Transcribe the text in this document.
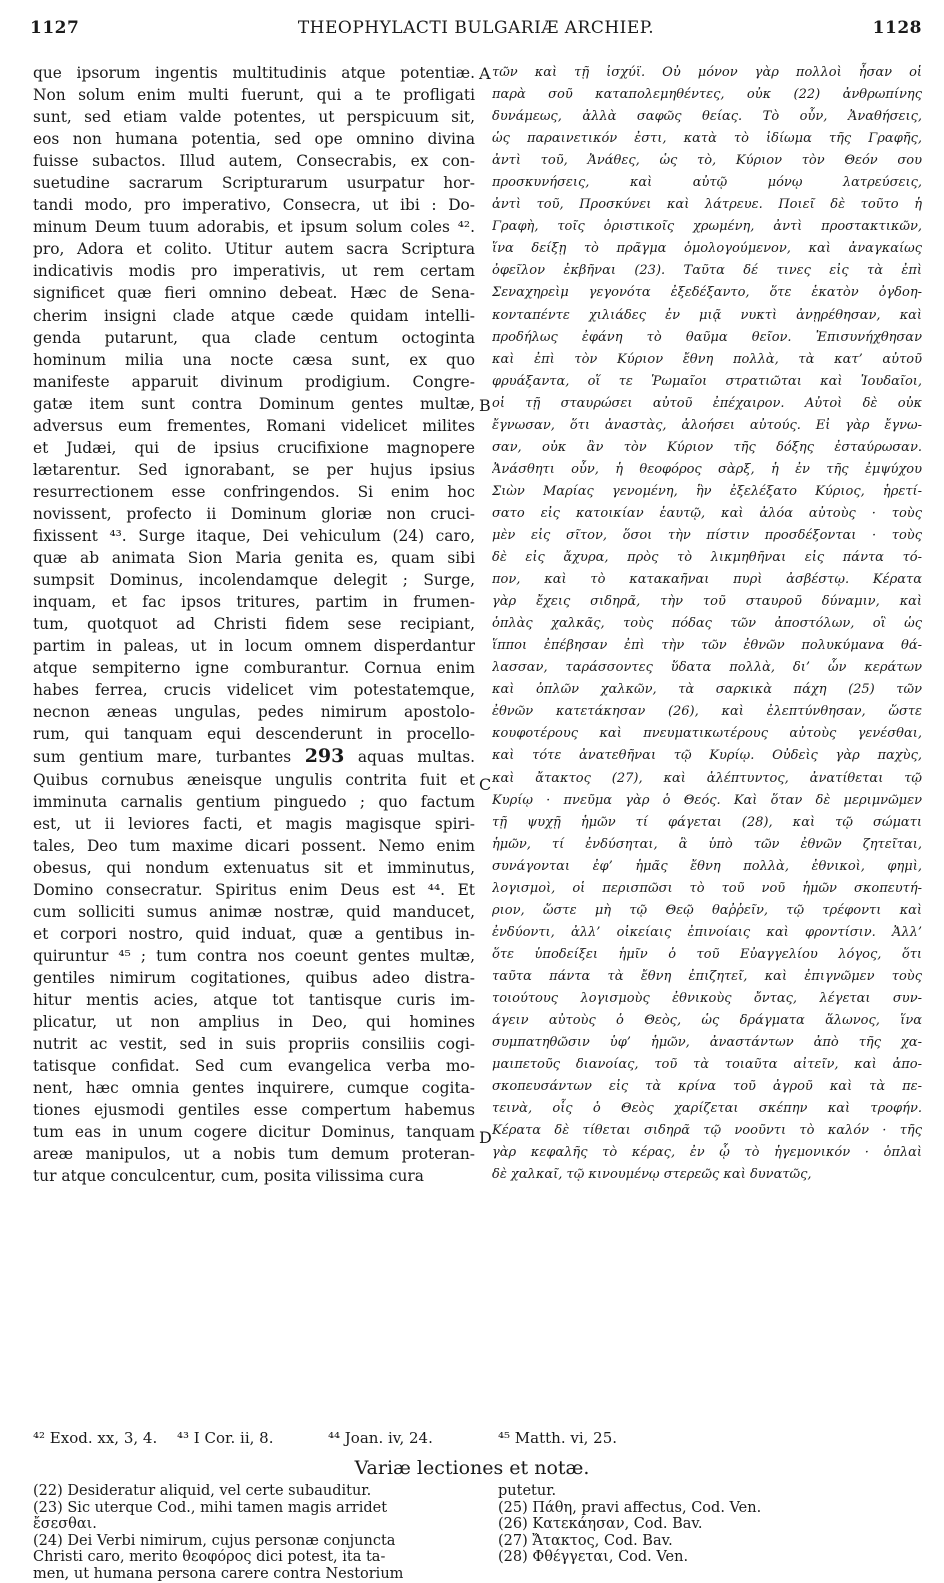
1127	THEOPHYLACTI BULGARIÆ ARCHIEP.	1128
que ipsorum ingentis multitudinis atque potentiæ.
Non solum enim multi fuerunt, qui a te profligati
sunt, sed etiam valde potentes, ut perspicuum sit,
eos non humana potentia, sed ope omnino divina
fuisse subactos. Illud autem, Consecrabis, ex con-
suetudine sacrarum Scripturarum usurpatur hor-
tandi modo, pro imperativo, Consecra, ut ibi : Do-
minum Deum tuum adorabis, et ipsum solum coles ⁴².
pro, Adora et colito. Utitur autem sacra Scriptura
indicativis modis pro imperativis, ut rem certam
significet quæ fieri omnino debeat. Hæc de Sena-
cherim insigni clade atque cæde quidam intelli-
genda putarunt, qua clade centum octoginta
hominum milia una nocte cæsa sunt, ex quo
manifeste apparuit divinum prodigium. Congre-
gatæ item sunt contra Dominum gentes multæ,
adversus eum frementes, Romani videlicet milites
et Judæi, qui de ipsius crucifixione magnopere
lætarentur. Sed ignorabant, se per hujus ipsius
resurrectionem esse confringendos. Si enim hoc
novissent, profecto ii Dominum gloriæ non cruci-
fixissent ⁴³. Surge itaque, Dei vehiculum (24) caro,
quæ ab animata Sion Maria genita es, quam sibi
sumpsit Dominus, incolendamque delegit ; Surge,
inquam, et fac ipsos tritures, partim in frumen-
tum, quotquot ad Christi fidem sese recipiant,
partim in paleas, ut in locum omnem disperdantur
atque sempiterno igne comburantur. Cornua enim
habes ferrea, crucis videlicet vim potestatemque,
necnon æneas ungulas, pedes nimirum apostolo-
rum, qui tanquam equi descenderunt in procello-
sum gentium mare, turbantes 293 aquas multas.
Quibus cornubus æneisque ungulis contrita fuit et
imminuta carnalis gentium pinguedo ; quo factum
est, ut ii leviores facti, et magis magisque spiri-
tales, Deo tum maxime dicari possent. Nemo enim
obesus, qui nondum extenuatus sit et imminutus,
Domino consecratur. Spiritus enim Deus est ⁴⁴. Et
cum solliciti sumus animæ nostræ, quid manducet,
et corpori nostro, quid induat, quæ a gentibus in-
quiruntur ⁴⁵ ; tum contra nos coeunt gentes multæ,
gentiles nimirum cogitationes, quibus adeo distra-
hitur mentis acies, atque tot tantisque curis im-
plicatur, ut non amplius in Deo, qui homines
nutrit ac vestit, sed in suis propriis consiliis cogi-
tatisque confidat. Sed cum evangelica verba mo-
nent, hæc omnia gentes inquirere, cumque cogita-
tiones ejusmodi gentiles esse compertum habemus
tum eas in unum cogere dicitur Dominus, tanquam
areæ manipulos, ut a nobis tum demum proteran-
tur atque conculcentur, cum, posita vilissima cura
τῶν καὶ τῇ ἰσχύϊ. Οὐ μόνον γὰρ πολλοὶ ἦσαν οἱ
παρὰ σοῦ καταπολεμηθέντες, οὐκ (22) ἀνθρωπίνης
δυνάμεως, ἀλλὰ σαφῶς θείας. Τὸ οὖν, Ἀναθήσεις,
ὡς παραινετικόν ἐστι, κατὰ τὸ ἰδίωμα τῆς Γραφῆς,
ἀντὶ τοῦ, Ἀνάθες, ὡς τὸ, Κύριον τὸν Θεόν σου
προσκυνήσεις, καὶ αὐτῷ μόνῳ λατρεύσεις,
ἀντὶ τοῦ, Προσκύνει καὶ λάτρευε. Ποιεῖ δὲ τοῦτο ἡ
Γραφὴ, τοῖς ὁριστικοῖς χρωμένη, ἀντὶ προστακτικῶν,
ἵνα δείξῃ τὸ πρᾶγμα ὁμολογούμενον, καὶ ἀναγκαίως
ὀφεῖλον ἐκβῆναι (23). Ταῦτα δέ τινες εἰς τὰ ἐπὶ
Σεναχηρεὶμ γεγονότα ἐξεδέξαντο, ὅτε ἑκατὸν ὀγδοη-
κονταπέντε χιλιάδες ἐν μιᾷ νυκτὶ ἀνῃρέθησαν, καὶ
προδήλως ἐφάνη τὸ θαῦμα θεῖον. Ἐπισυνήχθησαν
καὶ ἐπὶ τὸν Κύριον ἔθνη πολλὰ, τὰ κατ’ αὐτοῦ
φρυάξαντα, οἵ τε Ῥωμαῖοι στρατιῶται καὶ Ἰουδαῖοι,
οἱ τῇ σταυρώσει αὐτοῦ ἐπέχαιρον. Αὐτοὶ δὲ οὐκ
ἔγνωσαν, ὅτι ἀναστὰς, ἀλοήσει αὐτούς. Εἰ γὰρ ἔγνω-
σαν, οὐκ ἂν τὸν Κύριον τῆς δόξης ἐσταύρωσαν.
Ἀνάσθητι οὖν, ἡ θεοφόρος σὰρξ, ἡ ἐν τῆς ἐμψύχου
Σιὼν Μαρίας γενομένη, ἣν ἐξελέξατο Κύριος, ἡρετί-
σατο εἰς κατοικίαν ἑαυτῷ, καὶ ἀλόα αὐτοὺς · τοὺς
μὲν εἰς σῖτον, ὅσοι τὴν πίστιν προσδέξονται · τοὺς
δὲ εἰς ἄχυρα, πρὸς τὸ λικμηθῆναι εἰς πάντα τό-
πον, καὶ τὸ κατακαῆναι πυρὶ ἀσβέστῳ. Κέρατα
γὰρ ἔχεις σιδηρᾶ, τὴν τοῦ σταυροῦ δύναμιν, καὶ
ὁπλὰς χαλκᾶς, τοὺς πόδας τῶν ἀποστόλων, οἳ ὡς
ἵπποι ἐπέβησαν ἐπὶ τὴν τῶν ἐθνῶν πολυκύμανα θά-
λασσαν, ταράσσοντες ὕδατα πολλὰ, δι’ ὧν κεράτων
καὶ ὁπλῶν χαλκῶν, τὰ σαρκικὰ πάχη (25) τῶν
ἐθνῶν κατετάκησαν (26), καὶ ἐλεπτύνθησαν, ὥστε
κουφοτέρους καὶ πνευματικωτέρους αὐτοὺς γενέσθαι,
καὶ τότε ἀνατεθῆναι τῷ Κυρίῳ. Οὐδεὶς γὰρ παχὺς,
καὶ ἄτακτος (27), καὶ ἀλέπτυντος, ἀνατίθεται τῷ
Κυρίῳ · πνεῦμα γὰρ ὁ Θεός. Καὶ ὅταν δὲ μεριμνῶμεν
τῇ ψυχῇ ἡμῶν τί φάγεται (28), καὶ τῷ σώματι
ἡμῶν, τί ἐνδύσηται, ἃ ὑπὸ τῶν ἐθνῶν ζητεῖται,
συνάγονται ἐφ’ ἡμᾶς ἔθνη πολλὰ, ἐθνικοὶ, φημὶ,
λογισμοὶ, οἱ περισπῶσι τὸ τοῦ νοῦ ἡμῶν σκοπευτή-
ριον, ὥστε μὴ τῷ Θεῷ θαῤῥεῖν, τῷ τρέφοντι καὶ
ἐνδύοντι, ἀλλ’ οἰκείαις ἐπινοίαις καὶ φροντίσιν. Ἀλλ’
ὅτε ὑποδείξει ἡμῖν ὁ τοῦ Εὐαγγελίου λόγος, ὅτι
ταῦτα πάντα τὰ ἔθνη ἐπιζητεῖ, καὶ ἐπιγνῶμεν τοὺς
τοιούτους λογισμοὺς ἐθνικοὺς ὄντας, λέγεται συν-
άγειν αὐτοὺς ὁ Θεὸς, ὡς δράγματα ἅλωνος, ἵνα
συμπατηθῶσιν ὑφ’ ἡμῶν, ἀναστάντων ἀπὸ τῆς χα-
μαιπετοῦς διανοίας, τοῦ τὰ τοιαῦτα αἰτεῖν, καὶ ἀπο-
σκοπευσάντων εἰς τὰ κρίνα τοῦ ἀγροῦ καὶ τὰ πε-
τεινὰ, οἷς ὁ Θεὸς χαρίζεται σκέπην καὶ τροφήν.
Κέρατα δὲ τίθεται σιδηρᾶ τῷ νοοῦντι τὸ καλόν · τῆς
γὰρ κεφαλῆς τὸ κέρας, ἐν ᾧ τὸ ἡγεμονικόν · ὁπλαὶ
δὲ χαλκαῖ, τῷ κινουμένῳ στερεῶς καὶ δυνατῶς,
A
B
C
D
⁴² Exod. xx, 3, 4. ⁴³ I Cor. ii, 8.	⁴⁴ Joan. iv, 24.	⁴⁵ Matth. vi, 25.
Variæ lectiones et notæ.
(22) Desideratur aliquid, vel certe subauditur.
(23) Sic uterque Cod., mihi tamen magis arridet
ἔσεσθαι.
(24) Dei Verbi nimirum, cujus personæ conjuncta
Christi caro, merito θεοφόρος dici potest, ita ta-
men, ut humana persona carere contra Nestorium
putetur.
(25) Πάθη, pravi affectus, Cod. Ven.
(26) Κατεκάησαν, Cod. Bav.
(27) Ἄτακτος, Cod. Bav.
(28) Φθέγγεται, Cod. Ven.
